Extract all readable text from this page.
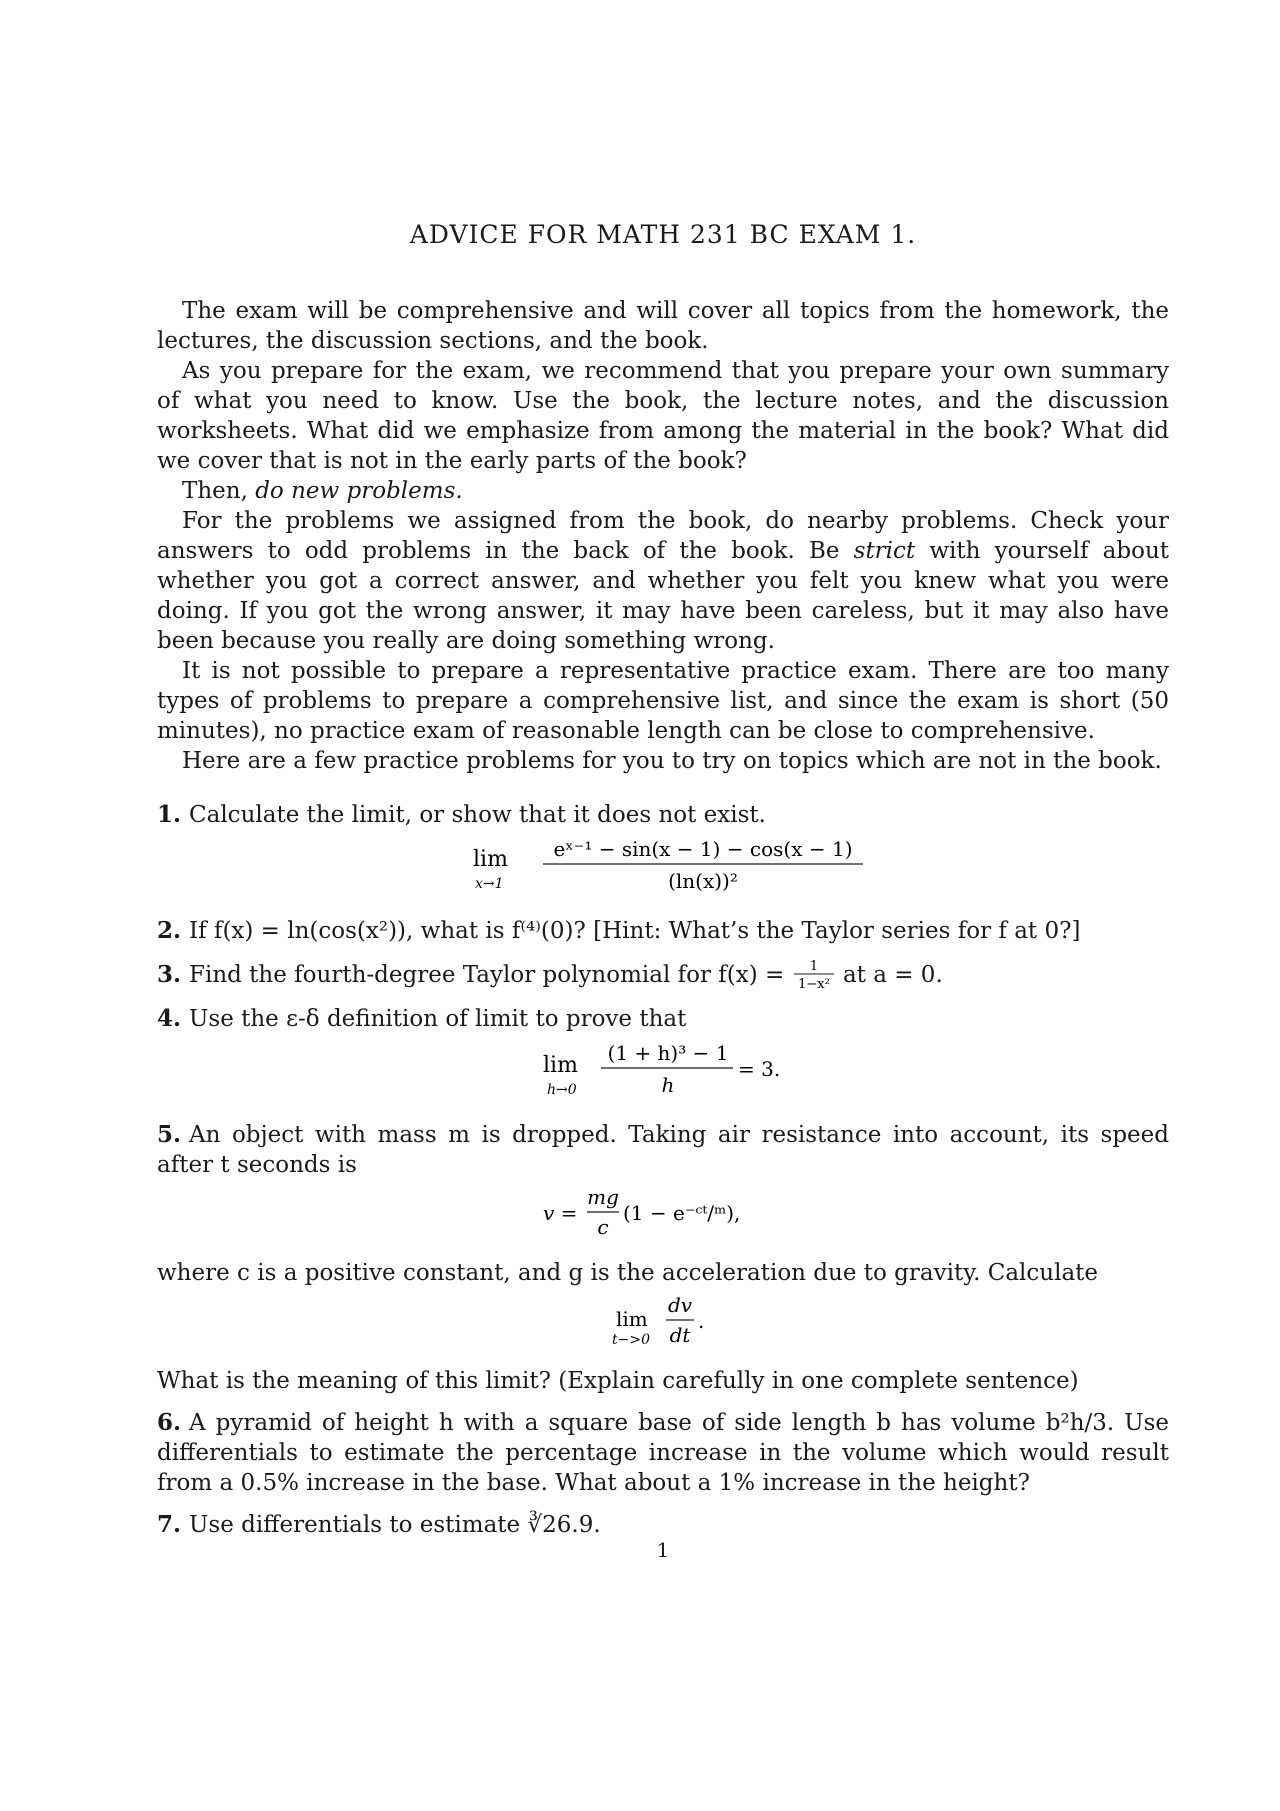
ADVICE FOR MATH 231 BC EXAM 1.

The exam will be comprehensive and will cover all topics from the homework, the lectures, the discussion sections, and the book.

As you prepare for the exam, we recommend that you prepare your own summary of what you need to know. Use the book, the lecture notes, and the discussion worksheets. What did we emphasize from among the material in the book? What did we cover that is not in the early parts of the book?

Then, do new problems.

For the problems we assigned from the book, do nearby problems. Check your answers to odd problems in the back of the book. Be strict with yourself about whether you got a correct answer, and whether you felt you knew what you were doing. If you got the wrong answer, it may have been careless, but it may also have been because you really are doing something wrong.

It is not possible to prepare a representative practice exam. There are too many types of problems to prepare a comprehensive list, and since the exam is short (50 minutes), no practice exam of reasonable length can be close to comprehensive.

Here are a few practice problems for you to try on topics which are not in the book.

1. Calculate the limit, or show that it does not exist.
lim
x→1
eˣ⁻¹ − sin(x − 1) − cos(x − 1)
(ln(x))²
2. If f(x) = ln(cos(x²)), what is f⁽⁴⁾(0)? [Hint: What’s the Taylor series for f at 0?]
3. Find the fourth-degree Taylor polynomial for f(x) = 1
1−x² at a = 0.
4. Use the ε-δ definition of limit to prove that
lim
h→0
(1 + h)³ − 1
h
= 3.
5. An object with mass m is dropped. Taking air resistance into account, its speed after t seconds is
v =
mg
c
(1 − e⁻ᶜᵗ/ᵐ),
where c is a positive constant, and g is the acceleration due to gravity. Calculate
lim
t−>0
dv
dt
.
What is the meaning of this limit? (Explain carefully in one complete sentence)
6. A pyramid of height h with a square base of side length b has volume b²h/3. Use differentials to estimate the percentage increase in the volume which would result from a 0.5% increase in the base. What about a 1% increase in the height?
7. Use differentials to estimate ∛26.9.
1
